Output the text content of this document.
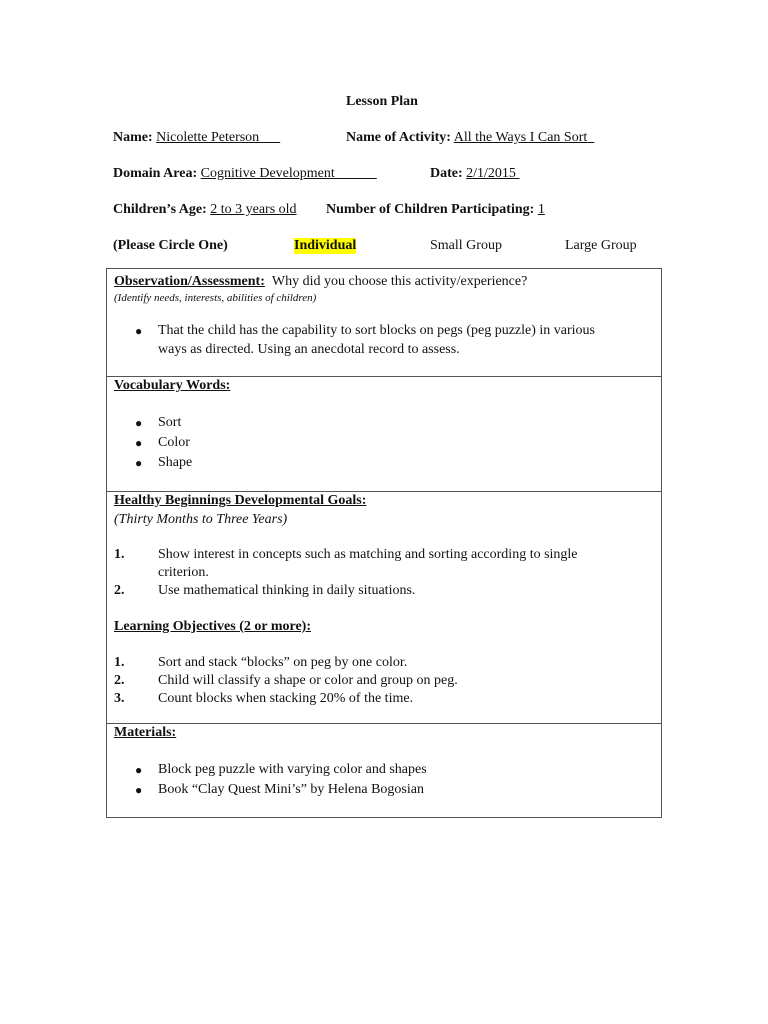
Lesson Plan
Name: Nicolette Peterson	Name of Activity: All the Ways I Can Sort
Domain Area: Cognitive Development	Date: 2/1/2015
Children’s Age: 2 to 3 years old Number of Children Participating: 1
(Please Circle One)	Individual	Small Group	Large Group
Observation/Assessment: Why did you choose this activity/experience?
(Identify needs, interests, abilities of children)
● That the child has the capability to sort blocks on pegs (peg puzzle) in various
ways as directed. Using an anecdotal record to assess.
Vocabulary Words:
● Sort
● Color
● Shape
Healthy Beginnings Developmental Goals:
(Thirty Months to Three Years)
1. Show interest in concepts such as matching and sorting according to single
criterion.
2. Use mathematical thinking in daily situations.
Learning Objectives (2 or more):
1. Sort and stack “blocks” on peg by one color.
2. Child will classify a shape or color and group on peg.
3. Count blocks when stacking 20% of the time.
Materials:
● Block peg puzzle with varying color and shapes
● Book “Clay Quest Mini’s” by Helena Bogosian
